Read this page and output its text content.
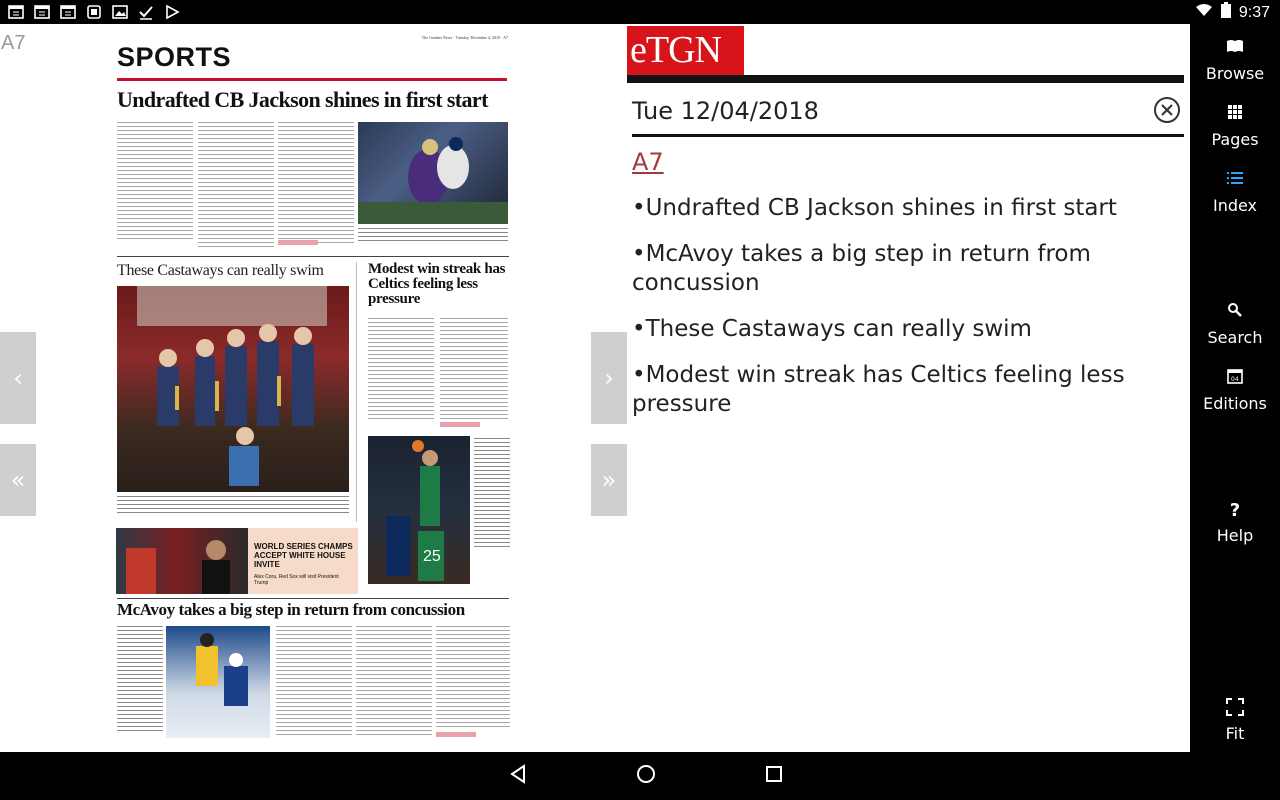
9:37
A7	The Gardner News · Tuesday, December 4, 2018 · A7
SPORTS
Undrafted CB Jackson shines in first start
These Castaways can really swim	Modest win streak has Celtics feeling less pressure
25
WORLD SERIES CHAMPS ACCEPT WHITE HOUSE INVITE
Alex Cora, Red Sox will visit President Trump
McAvoy takes a big step in return from concussion
‹
«
›
»
eTGN
Tue 12/04/2018
A7
•Undrafted CB Jackson shines in first start
•McAvoy takes a big step in return from concussion
•These Castaways can really swim
•Modest win streak has Celtics feeling less pressure
Browse
Pages
Index
Search
04
Editions
?
Help
Fit
